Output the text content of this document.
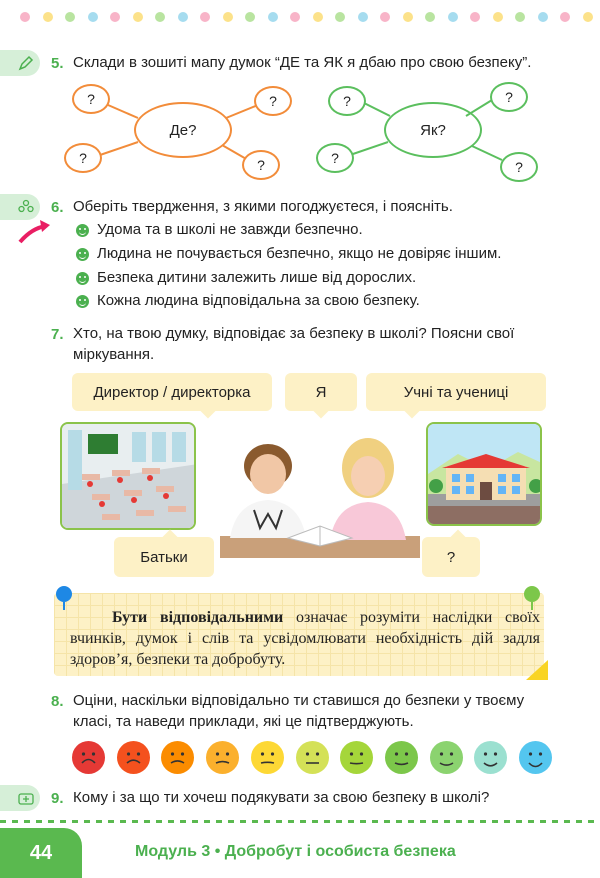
5. Склади в зошиті мапу думок “ДЕ та ЯК я дбаю про свою безпеку”.
Де?
?	?
?	?
Як?
?	?
?
?
6. Оберіть твердження, з якими погоджуєтеся, і поясніть.
Удома та в школі не завжди безпечно.
Людина не почувається безпечно, якщо не довіряє іншим.
Безпека дитини залежить лише від дорослих.
Кожна людина відповідальна за свою безпеку.
7. Хто, на твою думку, відповідає за безпеку в школі? Поясни свої
міркування.
Директор / директорка	Я	Учні та учениці
Батьки	?
Бути відповідальними означає розуміти наслідки своїх вчинків, думок і слів та усвідомлювати необхідність дій задля здоров’я, безпеки та добробуту.
8. Оціни, наскільки відповідально ти ставишся до безпеки у твоєму
класі, та наведи приклади, які це підтверджують.
9. Кому і за що ти хочеш подякувати за свою безпеку в школі?
44	Модуль 3 • Добробут і особиста безпека
